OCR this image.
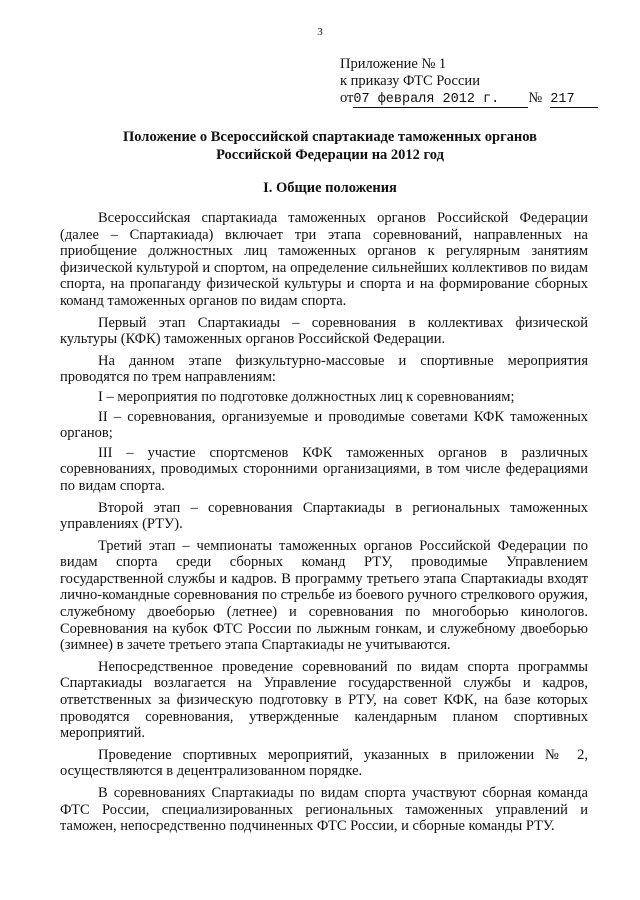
3
Приложение № 1
к приказу ФТС России
от07 февраля 2012 г. № 217
Положение о Всероссийской спартакиаде таможенных органов
Российской Федерации на 2012 год
I. Общие положения

Всероссийская спартакиада таможенных органов Российской Федерации (далее – Спартакиада) включает три этапа соревнований, направленных на приобщение должностных лиц таможенных органов к регулярным занятиям физической культурой и спортом, на определение сильнейших коллективов по видам спорта, на пропаганду физической культуры и спорта и на формирование сборных команд таможенных органов по видам спорта.

Первый этап Спартакиады – соревнования в коллективах физической культуры (КФК) таможенных органов Российской Федерации.

На данном этапе физкультурно-массовые и спортивные мероприятия проводятся по трем направлениям:

I – мероприятия по подготовке должностных лиц к соревнованиям;

II – соревнования, организуемые и проводимые советами КФК таможенных органов;

III – участие спортсменов КФК таможенных органов в различных соревнованиях, проводимых сторонними организациями, в том числе федерациями по видам спорта.

Второй этап – соревнования Спартакиады в региональных таможенных управлениях (РТУ).

Третий этап – чемпионаты таможенных органов Российской Федерации по видам спорта среди сборных команд РТУ, проводимые Управлением государственной службы и кадров. В программу третьего этапа Спартакиады входят лично-командные соревнования по стрельбе из боевого ручного стрелкового оружия, служебному двоеборью (летнее) и соревнования по многоборью кинологов. Соревнования на кубок ФТС России по лыжным гонкам, и служебному двоеборью (зимнее) в зачете третьего этапа Спартакиады не учитываются.

Непосредственное проведение соревнований по видам спорта программы Спартакиады возлагается на Управление государственной службы и кадров, ответственных за физическую подготовку в РТУ, на совет КФК, на базе которых проводятся соревнования, утвержденные календарным планом спортивных мероприятий.

Проведение спортивных мероприятий, указанных в приложении № 2, осуществляются в децентрализованном порядке.

В соревнованиях Спартакиады по видам спорта участвуют сборная команда ФТС России, специализированных региональных таможенных управлений и таможен, непосредственно подчиненных ФТС России, и сборные команды РТУ.
